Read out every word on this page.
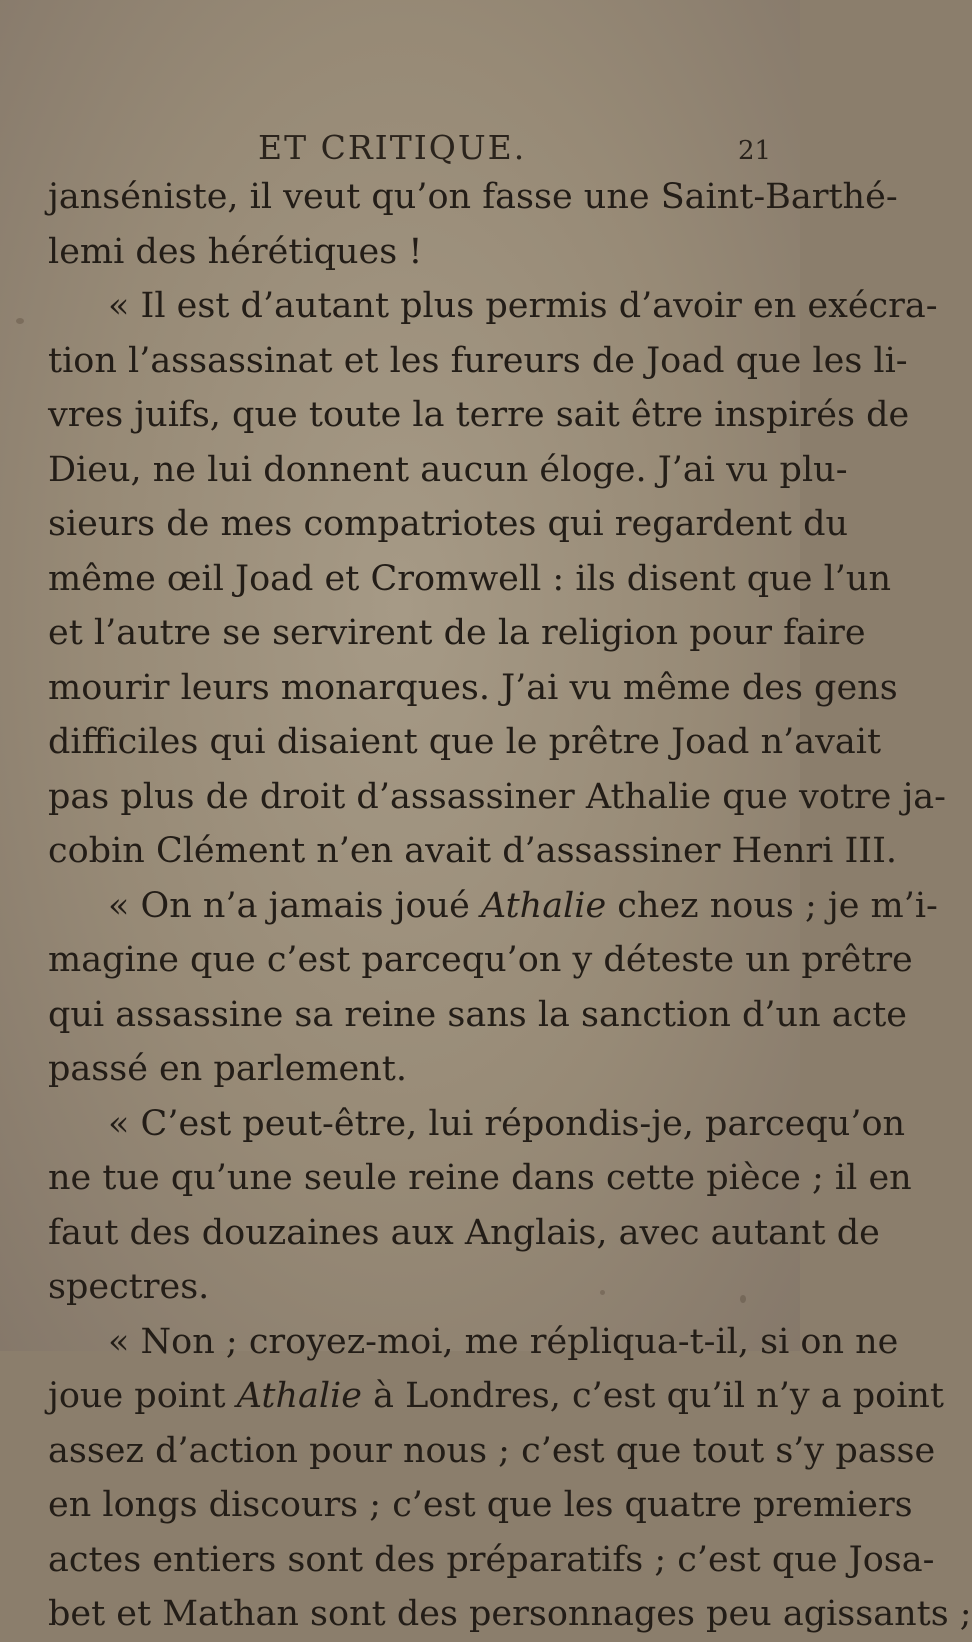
ET CRITIQUE.	21
janséniste, il veut qu’on fasse une Saint-Barthé-
lemi des hérétiques !
« Il est d’autant plus permis d’avoir en exécra-
tion l’assassinat et les fureurs de Joad que les li-
vres juifs, que toute la terre sait être inspirés de
Dieu, ne lui donnent aucun éloge. J’ai vu plu-
sieurs de mes compatriotes qui regardent du
même œil Joad et Cromwell : ils disent que l’un
et l’autre se servirent de la religion pour faire
mourir leurs monarques. J’ai vu même des gens
difficiles qui disaient que le prêtre Joad n’avait
pas plus de droit d’assassiner Athalie que votre ja-
cobin Clément n’en avait d’assassiner Henri III.
« On n’a jamais joué Athalie chez nous ; je m’i-
magine que c’est parcequ’on y déteste un prêtre
qui assassine sa reine sans la sanction d’un acte
passé en parlement.
« C’est peut-être, lui répondis-je, parcequ’on
ne tue qu’une seule reine dans cette pièce ; il en
faut des douzaines aux Anglais, avec autant de
spectres.
« Non ; croyez-moi, me répliqua-t-il, si on ne
joue point Athalie à Londres, c’est qu’il n’y a point
assez d’action pour nous ; c’est que tout s’y passe
en longs discours ; c’est que les quatre premiers
actes entiers sont des préparatifs ; c’est que Josa-
bet et Mathan sont des personnages peu agissants ;
